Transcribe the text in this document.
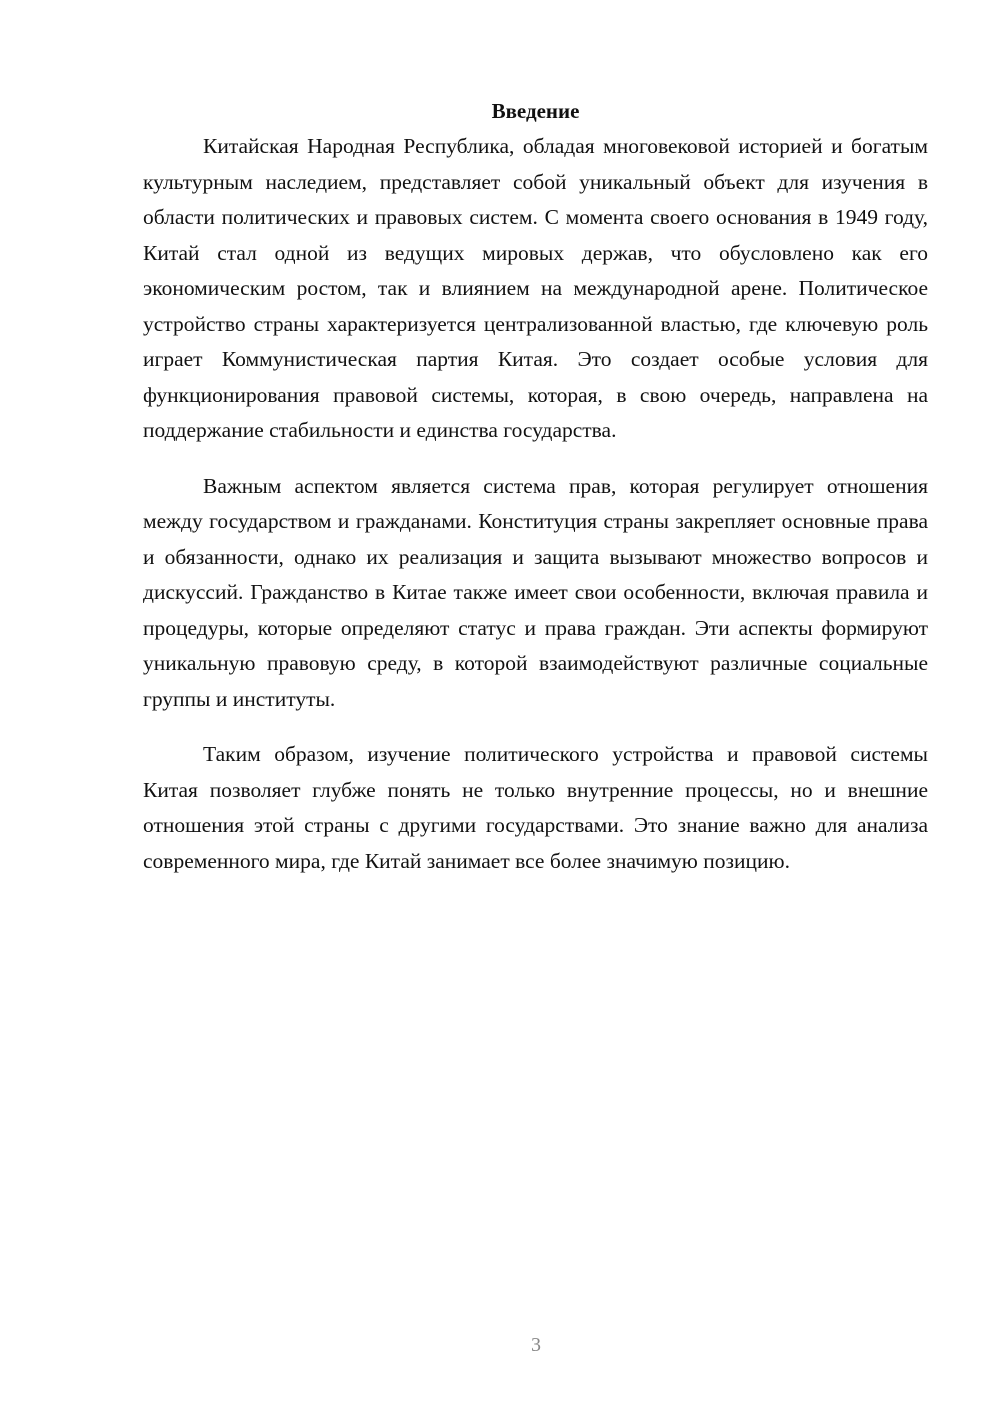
Введение

Китайская Народная Республика, обладая многовековой историей и богатым культурным наследием, представляет собой уникальный объект для изучения в области политических и правовых систем. С момента своего основания в 1949 году, Китай стал одной из ведущих мировых держав, что обусловлено как его экономическим ростом, так и влиянием на международной арене. Политическое устройство страны характеризуется централизованной властью, где ключевую роль играет Коммунистическая партия Китая. Это создает особые условия для функционирования правовой системы, которая, в свою очередь, направлена на поддержание стабильности и единства государства.

Важным аспектом является система прав, которая регулирует отношения между государством и гражданами. Конституция страны закрепляет основные права и обязанности, однако их реализация и защита вызывают множество вопросов и дискуссий. Гражданство в Китае также имеет свои особенности, включая правила и процедуры, которые определяют статус и права граждан. Эти аспекты формируют уникальную правовую среду, в которой взаимодействуют различные социальные группы и институты.

Таким образом, изучение политического устройства и правовой системы Китая позволяет глубже понять не только внутренние процессы, но и внешние отношения этой страны с другими государствами. Это знание важно для анализа современного мира, где Китай занимает все более значимую позицию.

3
